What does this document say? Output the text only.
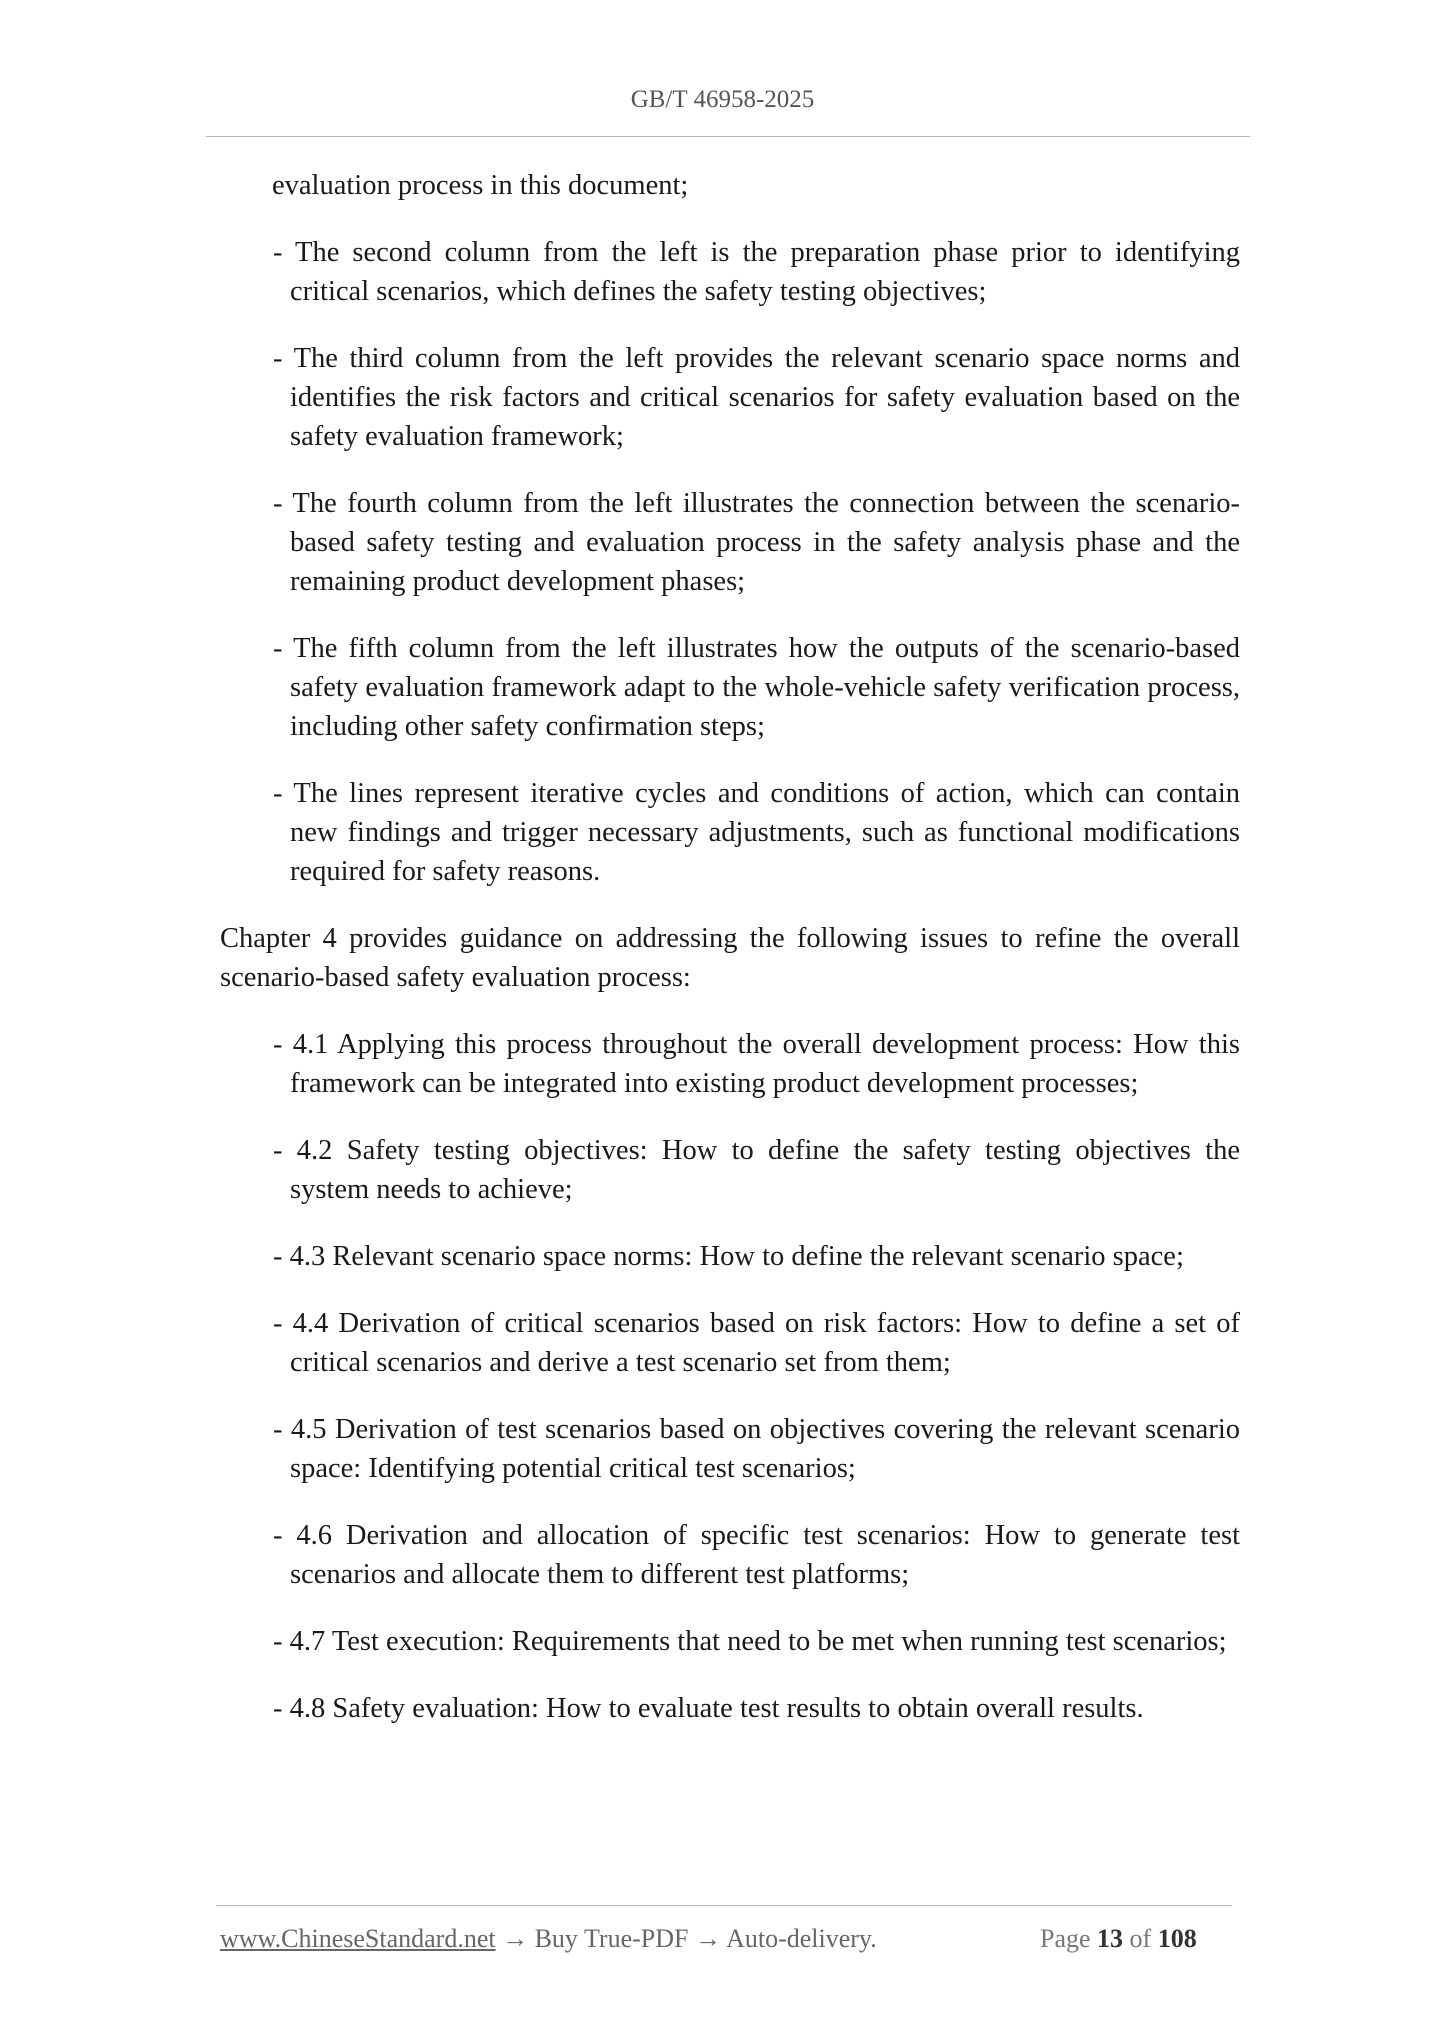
GB/T 46958-2025
evaluation process in this document;
- The second column from the left is the preparation phase prior to identifying critical scenarios, which defines the safety testing objectives;
- The third column from the left provides the relevant scenario space norms and identifies the risk factors and critical scenarios for safety evaluation based on the safety evaluation framework;
- The fourth column from the left illustrates the connection between the scenario-based safety testing and evaluation process in the safety analysis phase and the remaining product development phases;
- The fifth column from the left illustrates how the outputs of the scenario-based safety evaluation framework adapt to the whole-vehicle safety verification process, including other safety confirmation steps;
- The lines represent iterative cycles and conditions of action, which can contain new findings and trigger necessary adjustments, such as functional modifications required for safety reasons.
Chapter 4 provides guidance on addressing the following issues to refine the overall scenario-based safety evaluation process:
- 4.1 Applying this process throughout the overall development process: How this framework can be integrated into existing product development processes;
- 4.2 Safety testing objectives: How to define the safety testing objectives the system needs to achieve;
- 4.3 Relevant scenario space norms: How to define the relevant scenario space;
- 4.4 Derivation of critical scenarios based on risk factors: How to define a set of critical scenarios and derive a test scenario set from them;
- 4.5 Derivation of test scenarios based on objectives covering the relevant scenario space: Identifying potential critical test scenarios;
- 4.6 Derivation and allocation of specific test scenarios: How to generate test scenarios and allocate them to different test platforms;
- 4.7 Test execution: Requirements that need to be met when running test scenarios;
- 4.8 Safety evaluation: How to evaluate test results to obtain overall results.
www.ChineseStandard.net → Buy True-PDF → Auto-delivery.	Page 13 of 108
